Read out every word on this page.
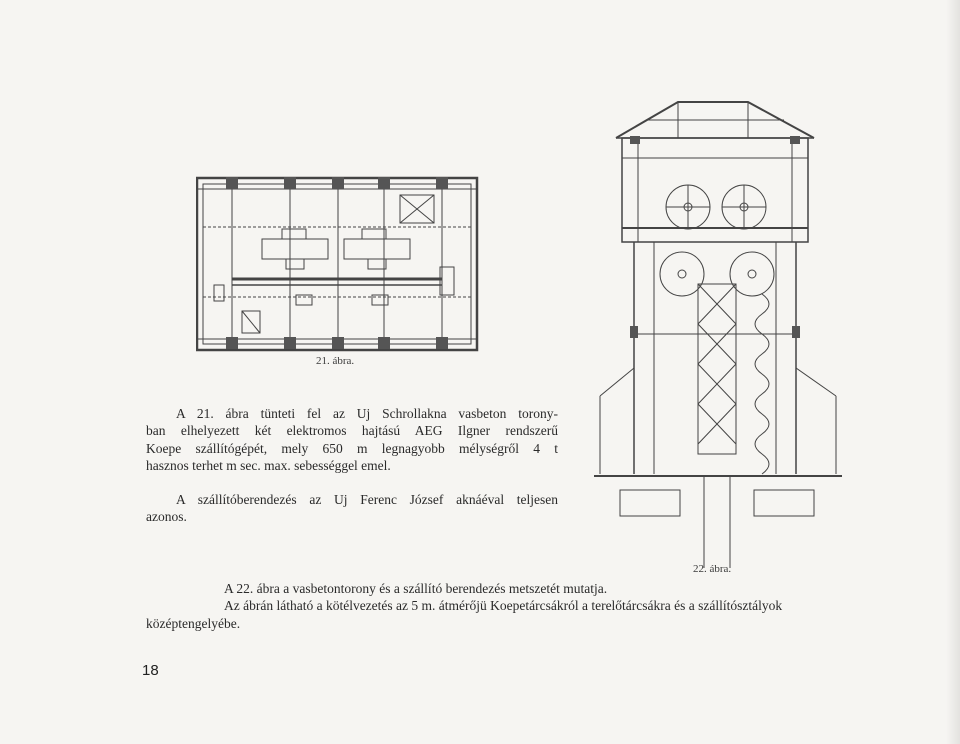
21. ábra.
22. ábra.
A 21. ábra tünteti fel az Uj Schrollakna vasbeton torony-
ban elhelyezett két elektromos hajtású AEG Ilgner rendszerű
Koepe szállítógépét, mely 650 m legnagyobb mélységről 4 t
hasznos terhet m sec. max. sebességgel emel.
A szállítóberendezés az Uj Ferenc József aknáéval teljesen
azonos.
A 22. ábra a vasbetontorony és a szállító berendezés metszetét mutatja.
Az ábrán látható a kötélvezetés az 5 m. átmérőjü Koepetárcsákról a terelőtárcsákra és a szállítósztályok
középtengelyébe.
18
